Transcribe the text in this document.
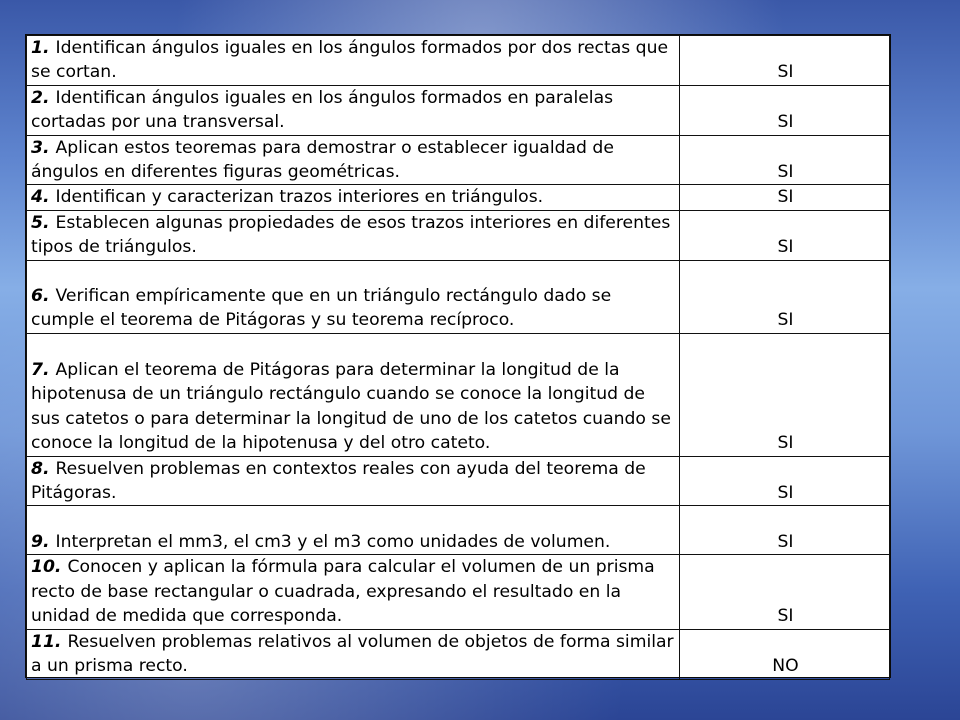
1. Identifican ángulos iguales en los ángulos formados por dos rectas que se cortan.	SI
2. Identifican ángulos iguales en los ángulos formados en paralelas cortadas por una transversal.	SI
3. Aplican estos teoremas para demostrar o establecer igualdad de ángulos en diferentes figuras geométricas.	SI
4. Identifican y caracterizan trazos interiores en triángulos.	SI
5. Establecen algunas propiedades de esos trazos interiores en diferentes tipos de triángulos.	SI
6. Verifican empíricamente que en un triángulo rectángulo dado se cumple el teorema de Pitágoras y su teorema recíproco.	SI
7. Aplican el teorema de Pitágoras para determinar la longitud de la hipotenusa de un triángulo rectángulo cuando se conoce la longitud de sus catetos o para determinar la longitud de uno de los catetos cuando se conoce la longitud de la hipotenusa y del otro cateto.	SI
8. Resuelven problemas en contextos reales con ayuda del teorema de Pitágoras.	SI
9. Interpretan el mm3, el cm3 y el m3 como unidades de volumen.	SI
10. Conocen y aplican la fórmula para calcular el volumen de un prisma recto de base rectangular o cuadrada, expresando el resultado en la unidad de medida que corresponda.	SI
11. Resuelven problemas relativos al volumen de objetos de forma similar a un prisma recto.	NO
